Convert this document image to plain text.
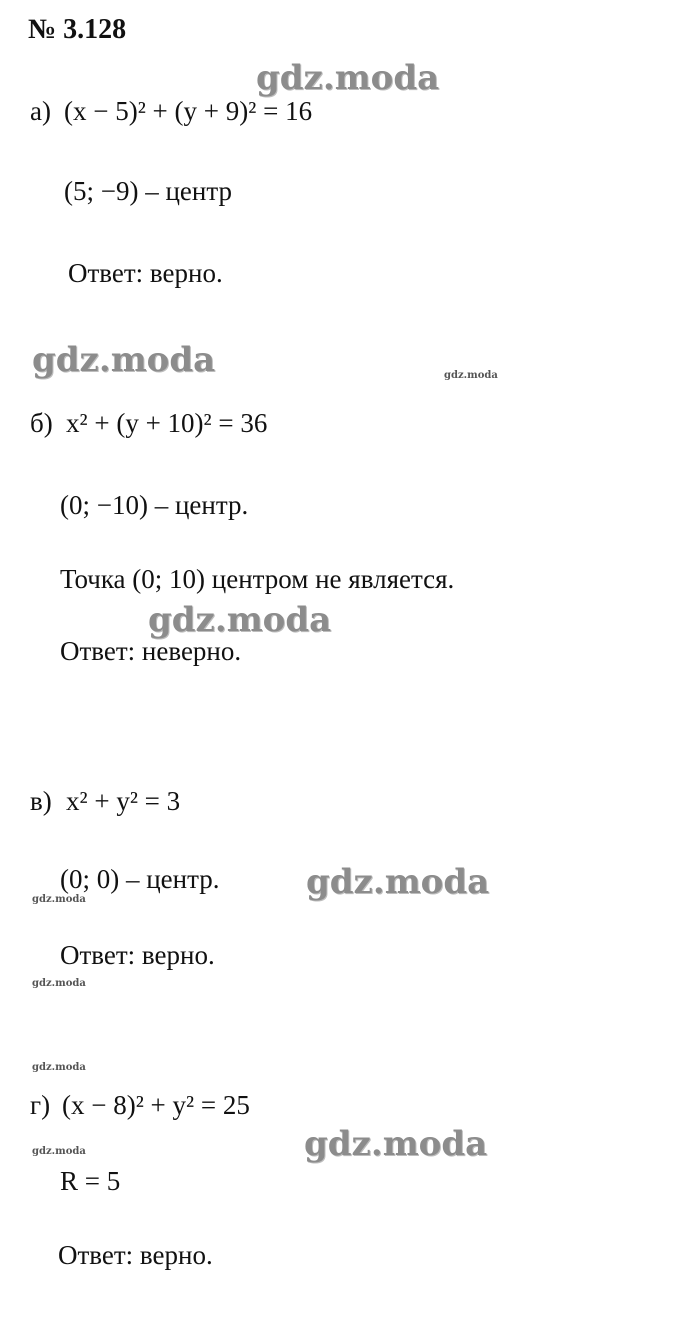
№ 3.128
а) (x − 5)² + (y + 9)² = 16
(5; −9) – центр
Ответ: верно.
б) x² + (y + 10)² = 36
(0; −10) – центр.
Точка (0; 10) центром не является.
Ответ: неверно.
в) x² + y² = 3
(0; 0) – центр.
Ответ: верно.
г) (x − 8)² + y² = 25
R = 5
Ответ: верно.
gdz.moda
gdz.moda	gdz.moda
gdz.moda
gdz.moda
gdz.moda
gdz.moda
gdz.moda
gdz.moda
gdz.moda
